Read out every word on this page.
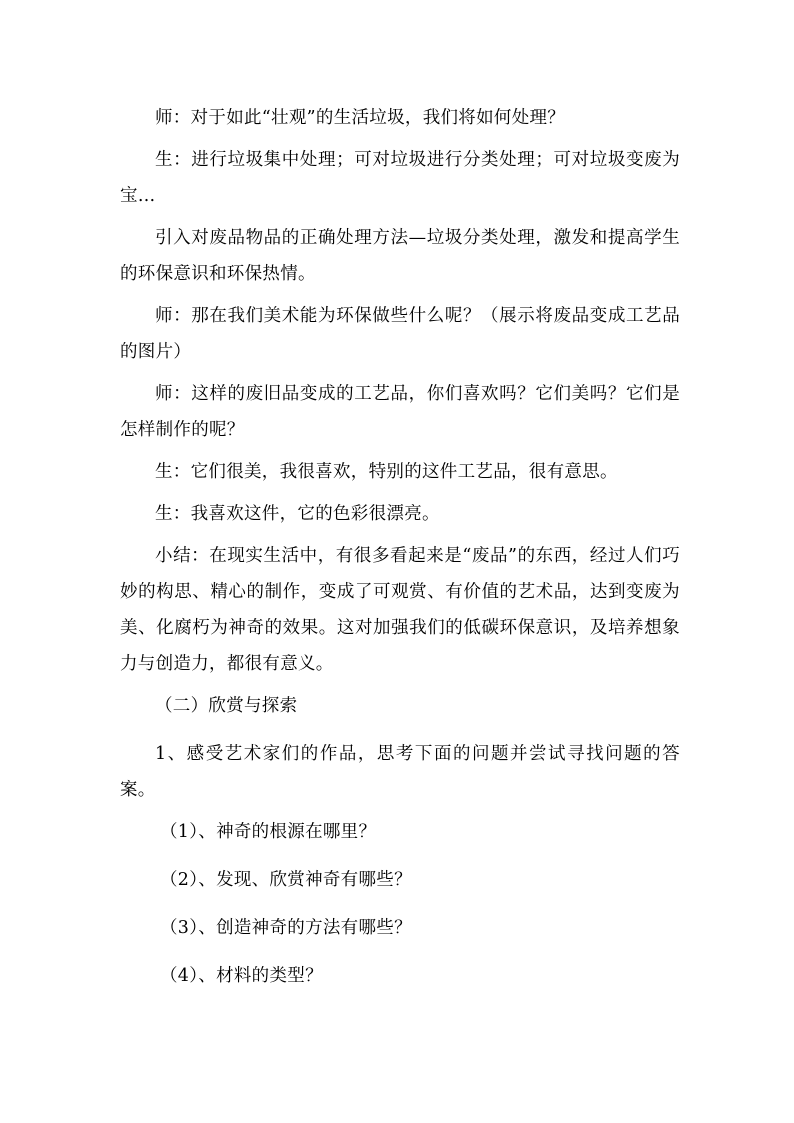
师：对于如此“壮观”的生活垃圾，我们将如何处理？

生：进行垃圾集中处理；可对垃圾进行分类处理；可对垃圾变废为宝…

引入对废品物品的正确处理方法—垃圾分类处理，激发和提高学生的环保意识和环保热情。

师：那在我们美术能为环保做些什么呢？（展示将废品变成工艺品的图片）

师：这样的废旧品变成的工艺品，你们喜欢吗？它们美吗？它们是怎样制作的呢？

生：它们很美，我很喜欢，特别的这件工艺品，很有意思。

生：我喜欢这件，它的色彩很漂亮。

小结：在现实生活中，有很多看起来是“废品”的东西，经过人们巧妙的构思、精心的制作，变成了可观赏、有价值的艺术品，达到变废为美、化腐朽为神奇的效果。这对加强我们的低碳环保意识，及培养想象力与创造力，都很有意义。

（二）欣赏与探索

1、感受艺术家们的作品，思考下面的问题并尝试寻找问题的答案。

（1）、神奇的根源在哪里？

（2）、发现、欣赏神奇有哪些？

（3）、创造神奇的方法有哪些？

（4）、材料的类型？
